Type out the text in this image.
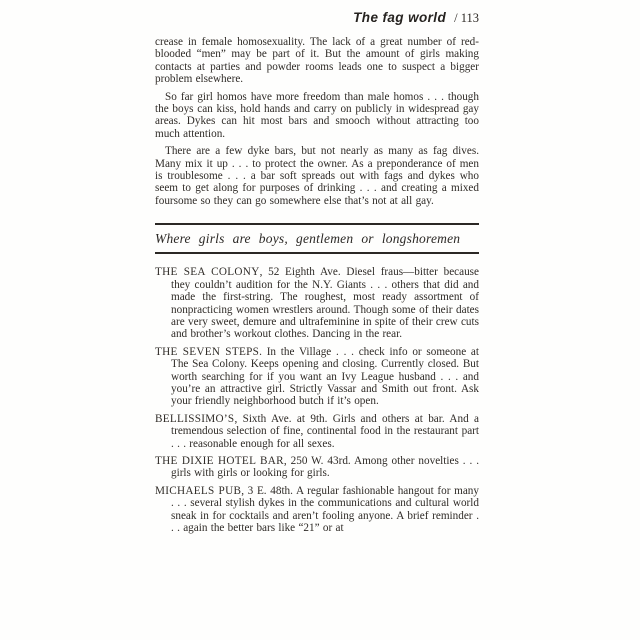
The fag world / 113

crease in female homosexuality. The lack of a great number of red-blooded “men” may be part of it. But the amount of girls making contacts at parties and powder rooms leads one to suspect a bigger problem elsewhere.

So far girl homos have more freedom than male homos . . . though the boys can kiss, hold hands and carry on publicly in widespread gay areas. Dykes can hit most bars and smooch without attracting too much attention.

There are a few dyke bars, but not nearly as many as fag dives. Many mix it up . . . to protect the owner. As a preponderance of men is troublesome . . . a bar soft spreads out with fags and dykes who seem to get along for purposes of drinking . . . and creating a mixed foursome so they can go somewhere else that’s not at all gay.

Where girls are boys, gentlemen or longshoremen

THE SEA COLONY, 52 Eighth Ave. Diesel fraus—bitter because they couldn’t audition for the N.Y. Giants . . . others that did and made the first-string. The roughest, most ready assortment of nonpracticing women wrestlers around. Though some of their dates are very sweet, demure and ultrafeminine in spite of their crew cuts and brother’s workout clothes. Dancing in the rear.

THE SEVEN STEPS. In the Village . . . check info or someone at The Sea Colony. Keeps opening and closing. Currently closed. But worth searching for if you want an Ivy League husband . . . and you’re an attractive girl. Strictly Vassar and Smith out front. Ask your friendly neighborhood butch if it’s open.

BELLISSIMO’S, Sixth Ave. at 9th. Girls and others at bar. And a tremendous selection of fine, continental food in the restaurant part . . . reasonable enough for all sexes.

THE DIXIE HOTEL BAR, 250 W. 43rd. Among other novelties . . . girls with girls or looking for girls.

MICHAELS PUB, 3 E. 48th. A regular fashionable hangout for many . . . several stylish dykes in the communications and cultural world sneak in for cocktails and aren’t fooling anyone. A brief reminder . . . again the better bars like “21” or at
